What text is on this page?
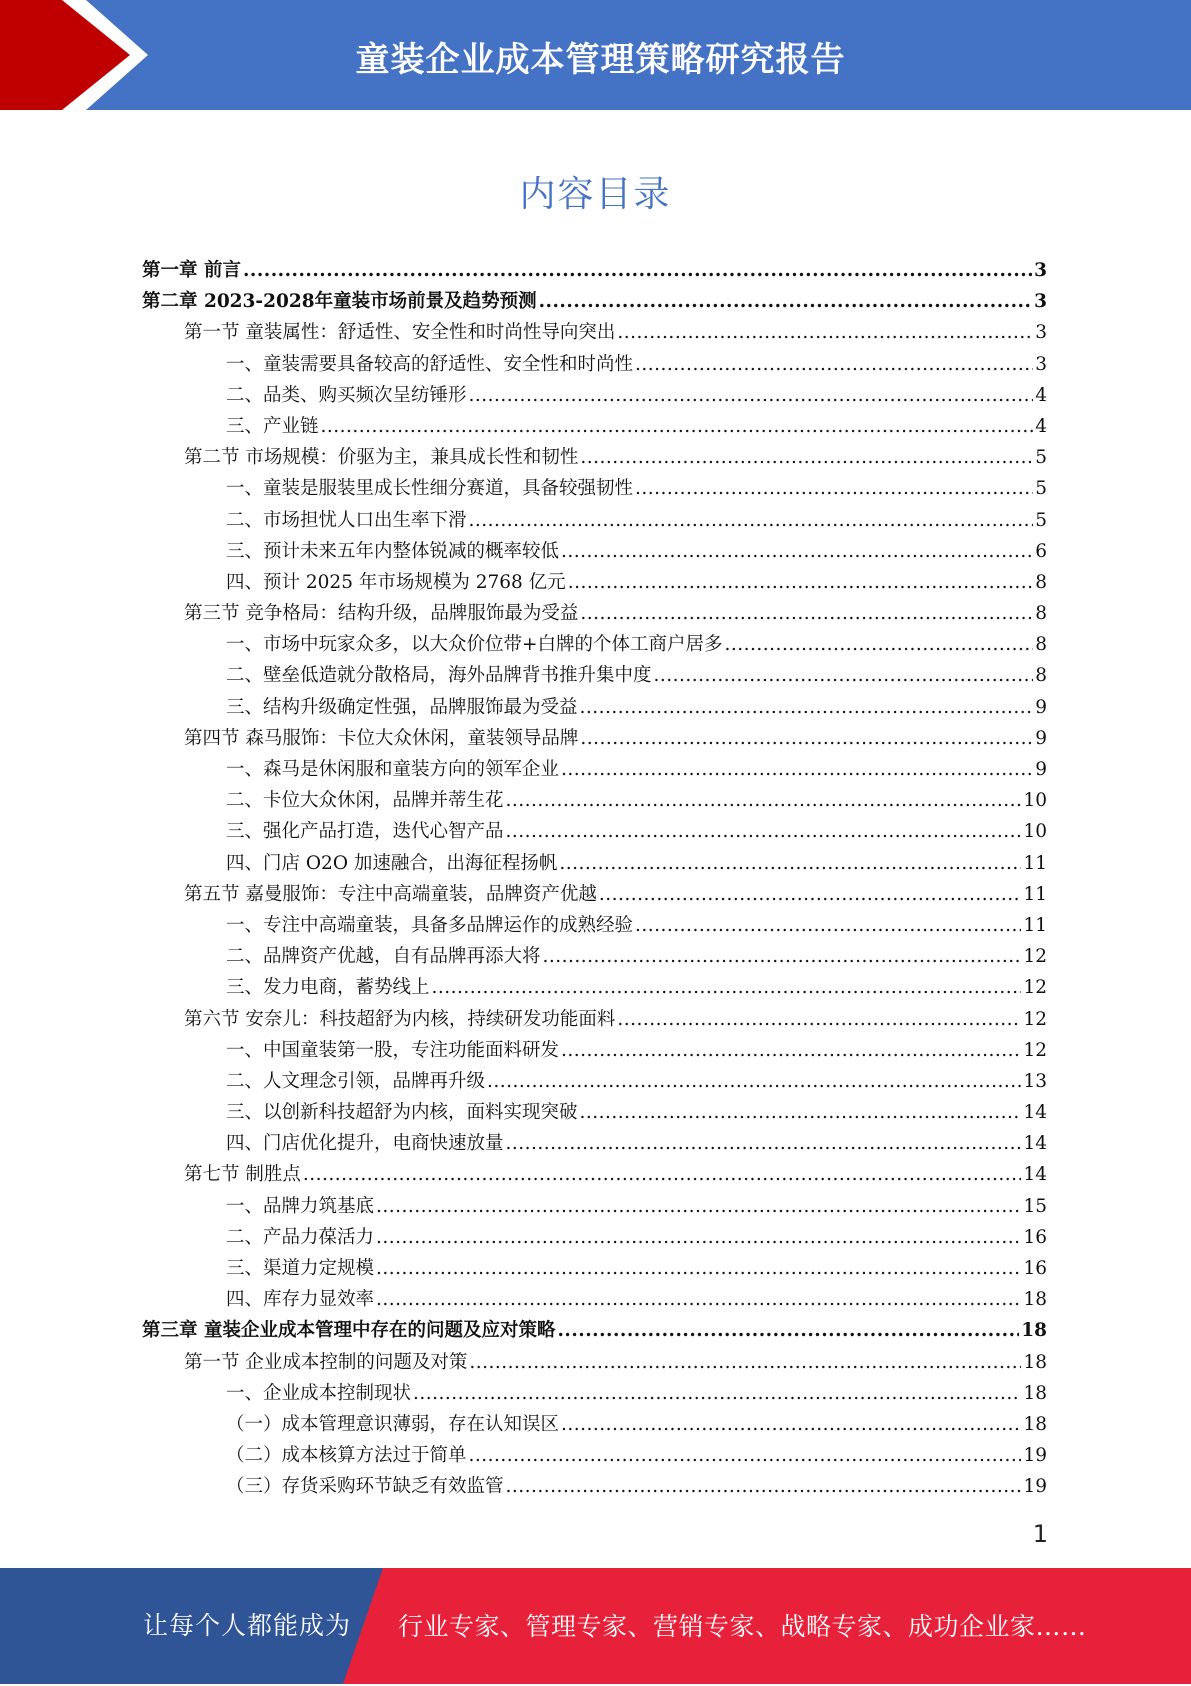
童装企业成本管理策略研究报告
内容目录
第一章 前言 .....	3
第二章 2023-2028年童装市场前景及趋势预测 .....	3
第一节 童装属性：舒适性、安全性和时尚性导向突出 .....	3
一、童装需要具备较高的舒适性、安全性和时尚性 .....	3
二、品类、购买频次呈纺锤形 .....	4
三、产业链 .....	4
第二节 市场规模：价驱为主，兼具成长性和韧性 .....	5
一、童装是服装里成长性细分赛道，具备较强韧性 .....	5
二、市场担忧人口出生率下滑 .....	5
三、预计未来五年内整体锐减的概率较低 .....	6
四、预计 2025 年市场规模为 2768 亿元 .....	8
第三节 竞争格局：结构升级，品牌服饰最为受益 .....	8
一、市场中玩家众多，以大众价位带+白牌的个体工商户居多 .....	8
二、壁垒低造就分散格局，海外品牌背书推升集中度 .....	8
三、结构升级确定性强，品牌服饰最为受益 .....	9
第四节 森马服饰：卡位大众休闲，童装领导品牌 .....	9
一、森马是休闲服和童装方向的领军企业 .....	9
二、卡位大众休闲，品牌并蒂生花 .....	10
三、强化产品打造，迭代心智产品 .....	10
四、门店 O2O 加速融合，出海征程扬帆 .....	11
第五节 嘉曼服饰：专注中高端童装，品牌资产优越 .....	11
一、专注中高端童装，具备多品牌运作的成熟经验 .....	11
二、品牌资产优越，自有品牌再添大将 .....	12
三、发力电商，蓄势线上 .....	12
第六节 安奈儿：科技超舒为内核，持续研发功能面料 .....	12
一、中国童装第一股，专注功能面料研发 .....	12
二、人文理念引领，品牌再升级 .....	13
三、以创新科技超舒为内核，面料实现突破 .....	14
四、门店优化提升，电商快速放量 .....	14
第七节 制胜点 .....	14
一、品牌力筑基底 .....	15
二、产品力葆活力 .....	16
三、渠道力定规模 .....	16
四、库存力显效率 .....	18
第三章 童装企业成本管理中存在的问题及应对策略 .....	18
第一节 企业成本控制的问题及对策 .....	18
一、企业成本控制现状 .....	18
（一）成本管理意识薄弱，存在认知误区 .....	18
（二）成本核算方法过于简单 .....	19
（三）存货采购环节缺乏有效监管 .....	19
1
让每个人都能成为 行业专家、管理专家、营销专家、战略专家、成功企业家……
